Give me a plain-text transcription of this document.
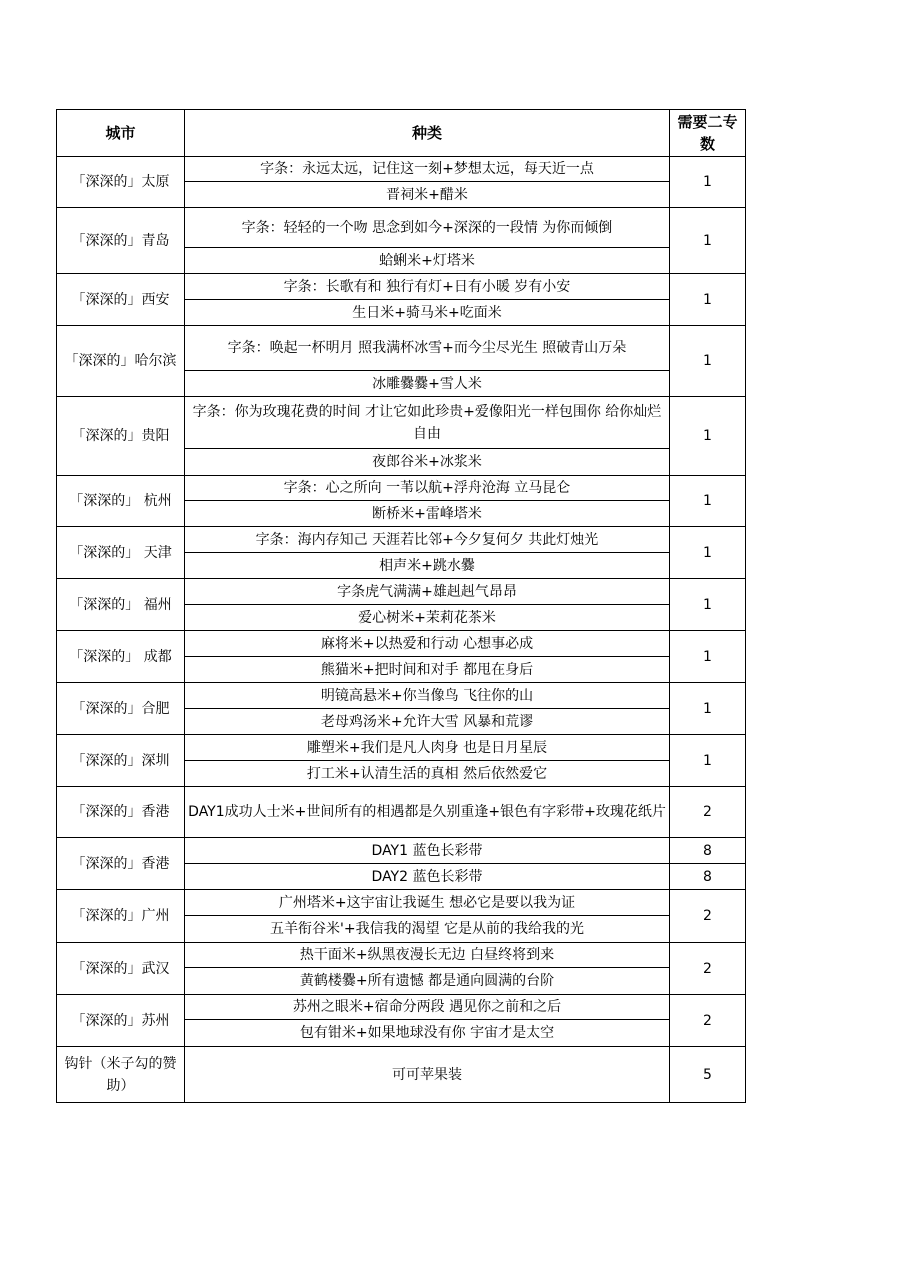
城市	种类	需要二专数
「深深的」太原	字条：永远太远，记住这一刻+梦想太远，每天近一点	1
	晋祠米+醋米	
「深深的」青岛	字条：轻轻的一个吻 思念到如今+深深的一段情 为你而倾倒	1
	蛤蜊米+灯塔米	
「深深的」西安	字条：长歌有和 独行有灯+日有小暖 岁有小安	1
	生日米+骑马米+吃面米	
「深深的」哈尔滨	字条：唤起一杯明月 照我满杯冰雪+而今尘尽光生 照破青山万朵	1
	冰雕爨爨+雪人米	
「深深的」贵阳	字条：你为玫瑰花费的时间 才让它如此珍贵+爱像阳光一样包围你 给你灿烂自由	1
	夜郎谷米+冰浆米	
「深深的」 杭州	字条：心之所向 一苇以航+浮舟沧海 立马昆仑	1
	断桥米+雷峰塔米	
「深深的」 天津	字条：海内存知己 天涯若比邻+今夕复何夕 共此灯烛光	1
	相声米+跳水爨	
「深深的」 福州	字条虎气满满+雄赳赳气昂昂	1
	爱心树米+茉莉花茶米	
「深深的」 成都	麻将米+以热爱和行动 心想事必成	1
	熊猫米+把时间和对手 都甩在身后	
「深深的」合肥	明镜高悬米+你当像鸟 飞往你的山	1
	老母鸡汤米+允许大雪 风暴和荒谬	
「深深的」深圳	雕塑米+我们是凡人肉身 也是日月星辰	1
	打工米+认清生活的真相 然后依然爱它	
「深深的」香港	DAY1成功人士米+世间所有的相遇都是久别重逢+银色有字彩带+玫瑰花纸片	2
「深深的」香港	DAY1 蓝色长彩带	8
	DAY2 蓝色长彩带	8
「深深的」广州	广州塔米+这宇宙让我诞生 想必它是要以我为证	2
	五羊衔谷米'+我信我的渴望 它是从前的我给我的光	
「深深的」武汉	热干面米+纵黑夜漫长无边 白昼终将到来	2
	黄鹤楼爨+所有遗憾 都是通向圆满的台阶	
「深深的」苏州	苏州之眼米+宿命分两段 遇见你之前和之后	2
	包有钳米+如果地球没有你 宇宙才是太空	
钩针（米子勾的赞助）	可可苹果装	5
